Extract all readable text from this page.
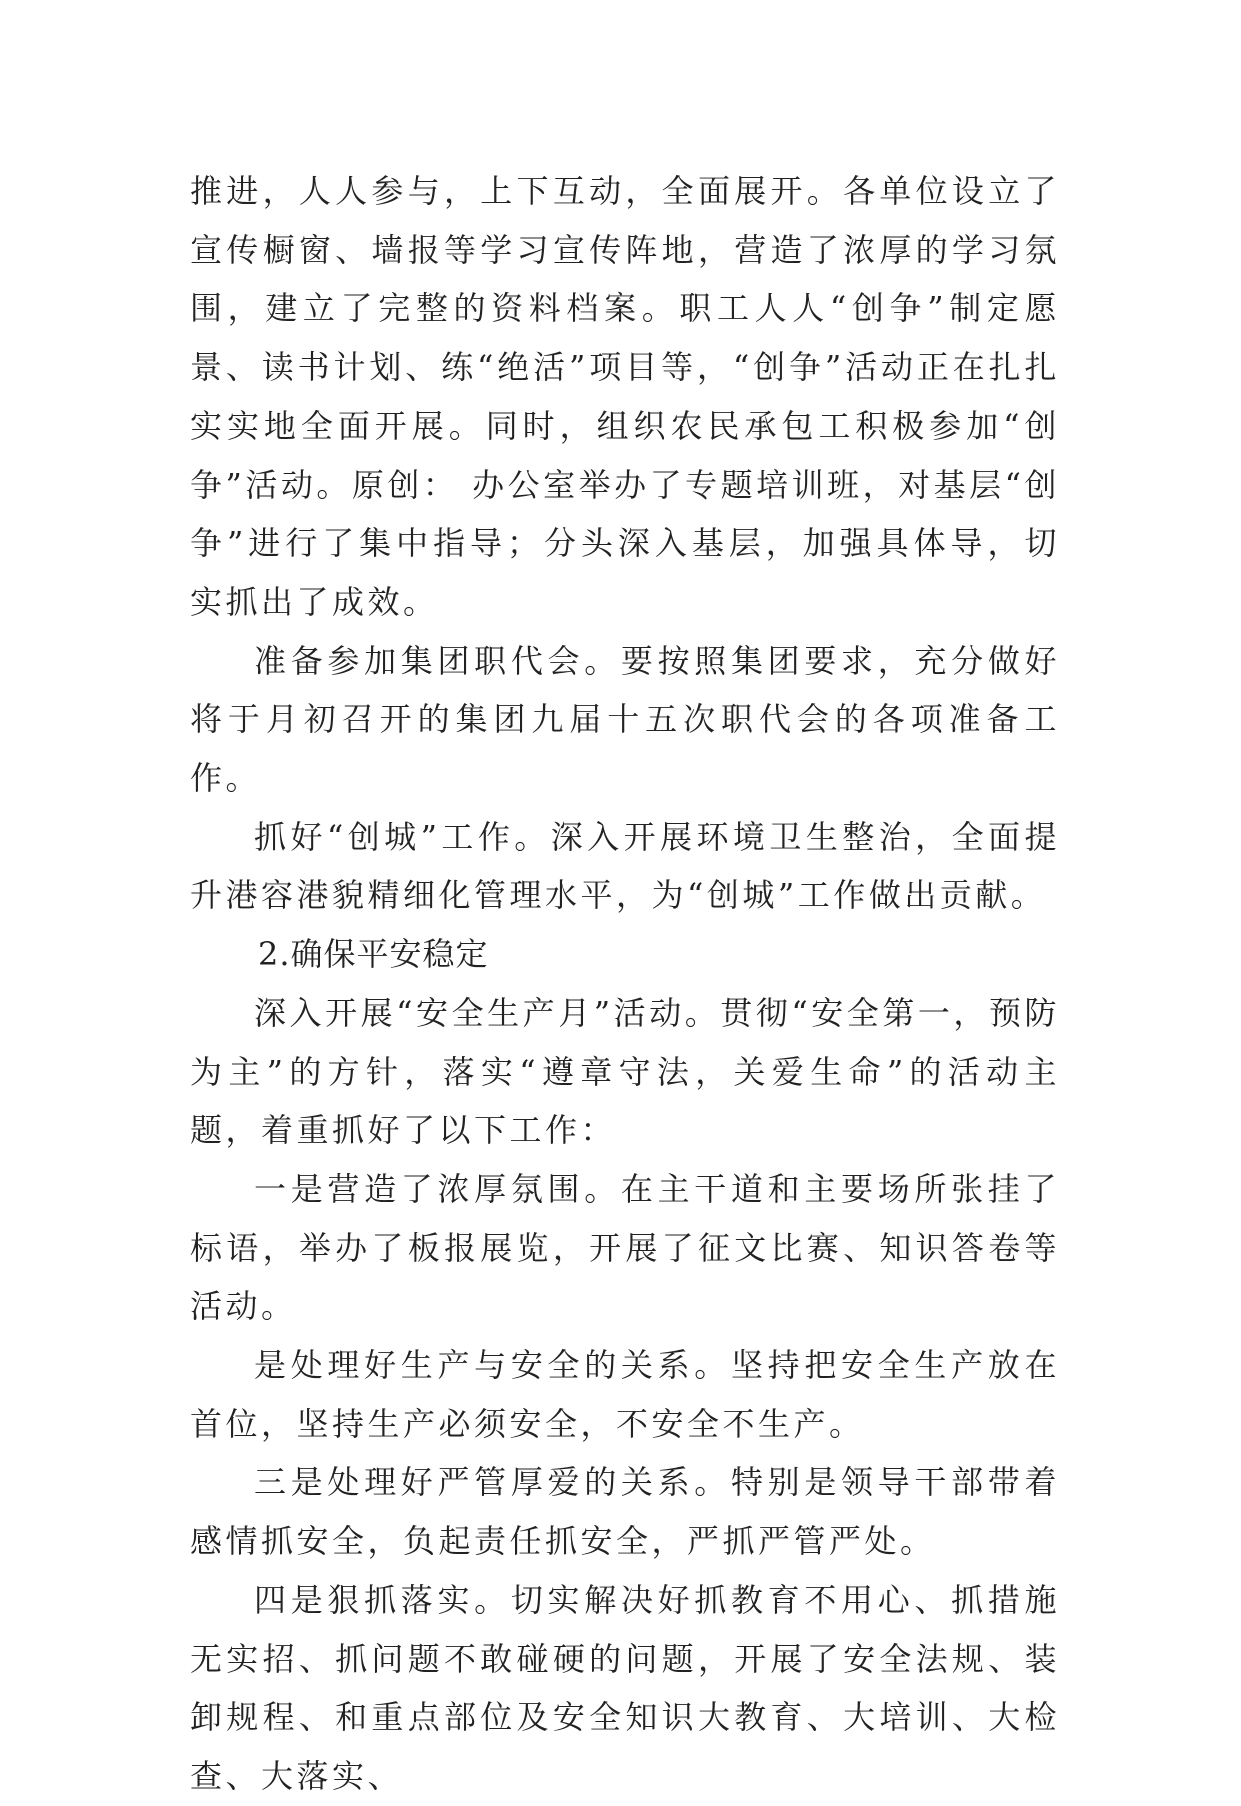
推进，人人参与，上下互动，全面展开。各单位设立了宣传橱窗、墙报等学习宣传阵地，营造了浓厚的学习氛围，建立了完整的资料档案。职工人人“创争”制定愿景、读书计划、练“绝活”项目等，“创争”活动正在扎扎实实地全面开展。同时，组织农民承包工积极参加“创争”活动。原创： 办公室举办了专题培训班，对基层“创争”进行了集中指导；分头深入基层，加强具体导，切实抓出了成效。

准备参加集团职代会。要按照集团要求，充分做好将于月初召开的集团九届十五次职代会的各项准备工作。

抓好“创城”工作。深入开展环境卫生整治，全面提升港容港貌精细化管理水平，为“创城”工作做出贡献。

2.确保平安稳定

深入开展“安全生产月”活动。贯彻“安全第一，预防为主”的方针，落实“遵章守法，关爱生命”的活动主题，着重抓好了以下工作：

一是营造了浓厚氛围。在主干道和主要场所张挂了标语，举办了板报展览，开展了征文比赛、知识答卷等活动。

是处理好生产与安全的关系。坚持把安全生产放在首位，坚持生产必须安全，不安全不生产。

三是处理好严管厚爱的关系。特别是领导干部带着感情抓安全，负起责任抓安全，严抓严管严处。

四是狠抓落实。切实解决好抓教育不用心、抓措施无实招、抓问题不敢碰硬的问题，开展了安全法规、装卸规程、和重点部位及安全知识大教育、大培训、大检查、大落实、
